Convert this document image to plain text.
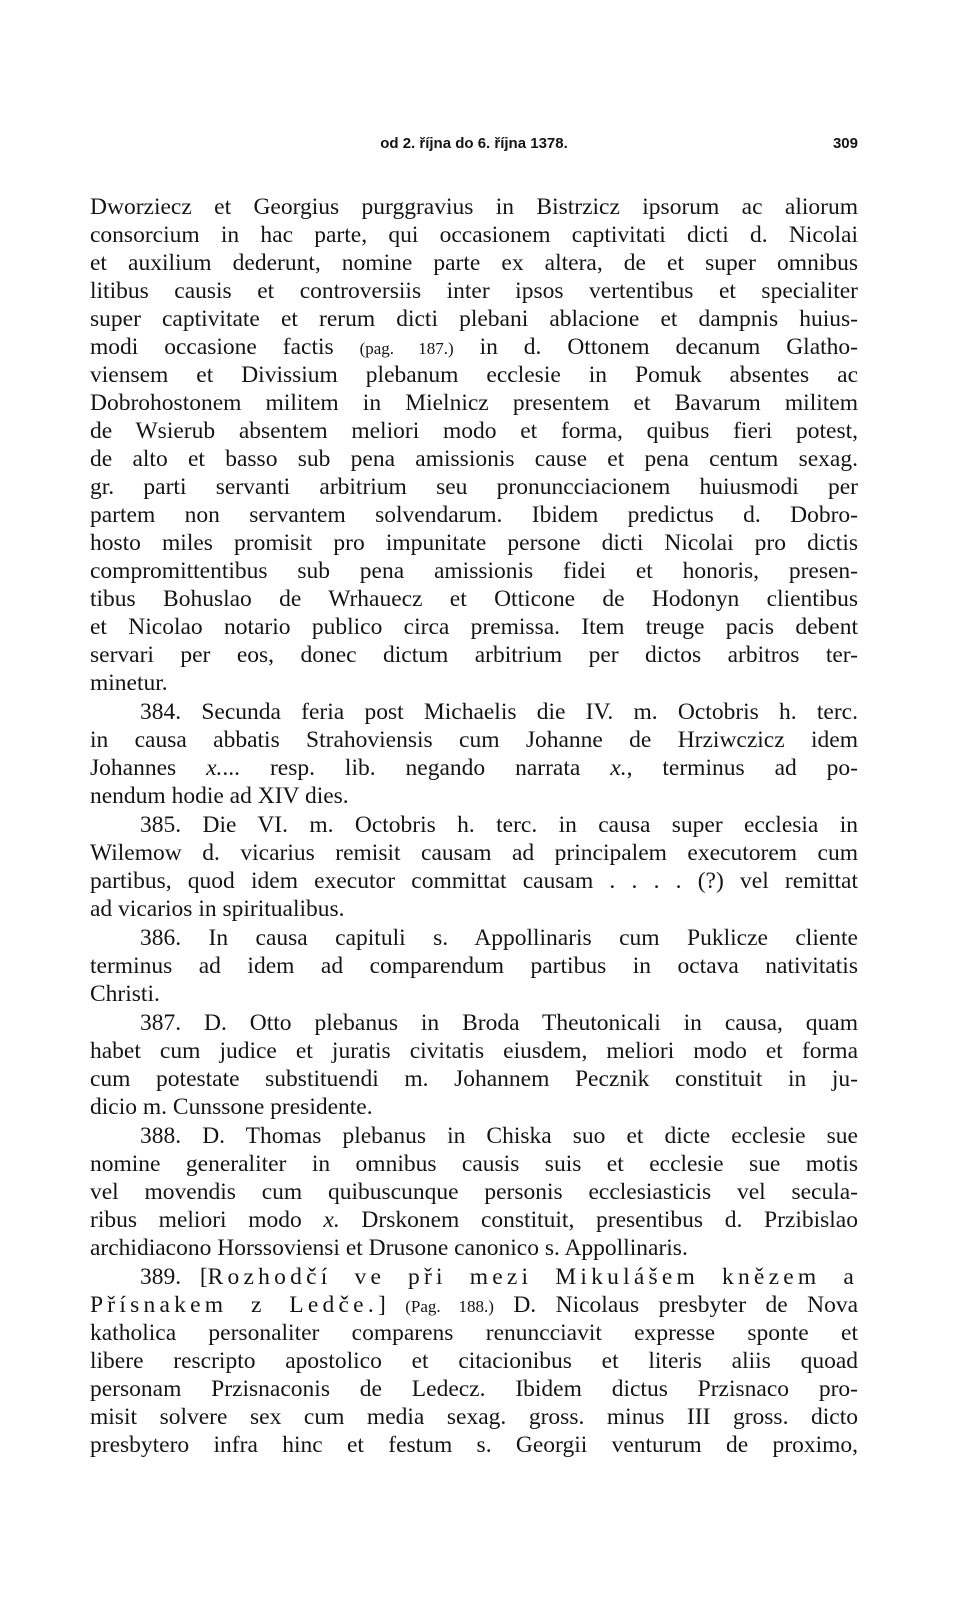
od 2. října do 6. října 1378.	309
Dworziecz et Georgius purggravius in Bistrzicz ipsorum ac aliorum
consorcium in hac parte, qui occasionem captivitati dicti d. Nicolai
et auxilium dederunt, nomine parte ex altera, de et super omnibus
litibus causis et controversiis inter ipsos vertentibus et specialiter
super captivitate et rerum dicti plebani ablacione et dampnis huius-
modi occasione factis (pag. 187.) in d. Ottonem decanum Glatho-
viensem et Divissium plebanum ecclesie in Pomuk absentes ac
Dobrohostonem militem in Mielnicz presentem et Bavarum militem
de Wsierub absentem meliori modo et forma, quibus fieri potest,
de alto et basso sub pena amissionis cause et pena centum sexag.
gr. parti servanti arbitrium seu pronuncciacionem huiusmodi per
partem non servantem solvendarum. Ibidem predictus d. Dobro-
hosto miles promisit pro impunitate persone dicti Nicolai pro dictis
compromittentibus sub pena amissionis fidei et honoris, presen-
tibus Bohuslao de Wrhauecz et Otticone de Hodonyn clientibus
et Nicolao notario publico circa premissa. Item treuge pacis debent
servari per eos, donec dictum arbitrium per dictos arbitros ter-
minetur.
384. Secunda feria post Michaelis die IV. m. Octobris h. terc.
in causa abbatis Strahoviensis cum Johanne de Hrziwczicz idem
Johannes x.... resp. lib. negando narrata x., terminus ad po-
nendum hodie ad XIV dies.
385. Die VI. m. Octobris h. terc. in causa super ecclesia in
Wilemow d. vicarius remisit causam ad principalem executorem cum
partibus, quod idem executor committat causam . . . . (?) vel remittat
ad vicarios in spiritualibus.
386. In causa capituli s. Appollinaris cum Puklicze cliente
terminus ad idem ad comparendum partibus in octava nativitatis
Christi.
387. D. Otto plebanus in Broda Theutonicali in causa, quam
habet cum judice et juratis civitatis eiusdem, meliori modo et forma
cum potestate substituendi m. Johannem Pecznik constituit in ju-
dicio m. Cunssone presidente.
388. D. Thomas plebanus in Chiska suo et dicte ecclesie sue
nomine generaliter in omnibus causis suis et ecclesie sue motis
vel movendis cum quibuscunque personis ecclesiasticis vel secula-
ribus meliori modo x. Drskonem constituit, presentibus d. Przibislao
archidiacono Horssoviensi et Drusone canonico s. Appollinaris.
389. [Rozhodčí ve při mezi Mikulášem knězem a
Přísnakem z Ledče.] (Pag. 188.) D. Nicolaus presbyter de Nova
katholica personaliter comparens renuncciavit expresse sponte et
libere rescripto apostolico et citacionibus et literis aliis quoad
personam Przisnaconis de Ledecz. Ibidem dictus Przisnaco pro-
misit solvere sex cum media sexag. gross. minus III gross. dicto
presbytero infra hinc et festum s. Georgii venturum de proximo,
